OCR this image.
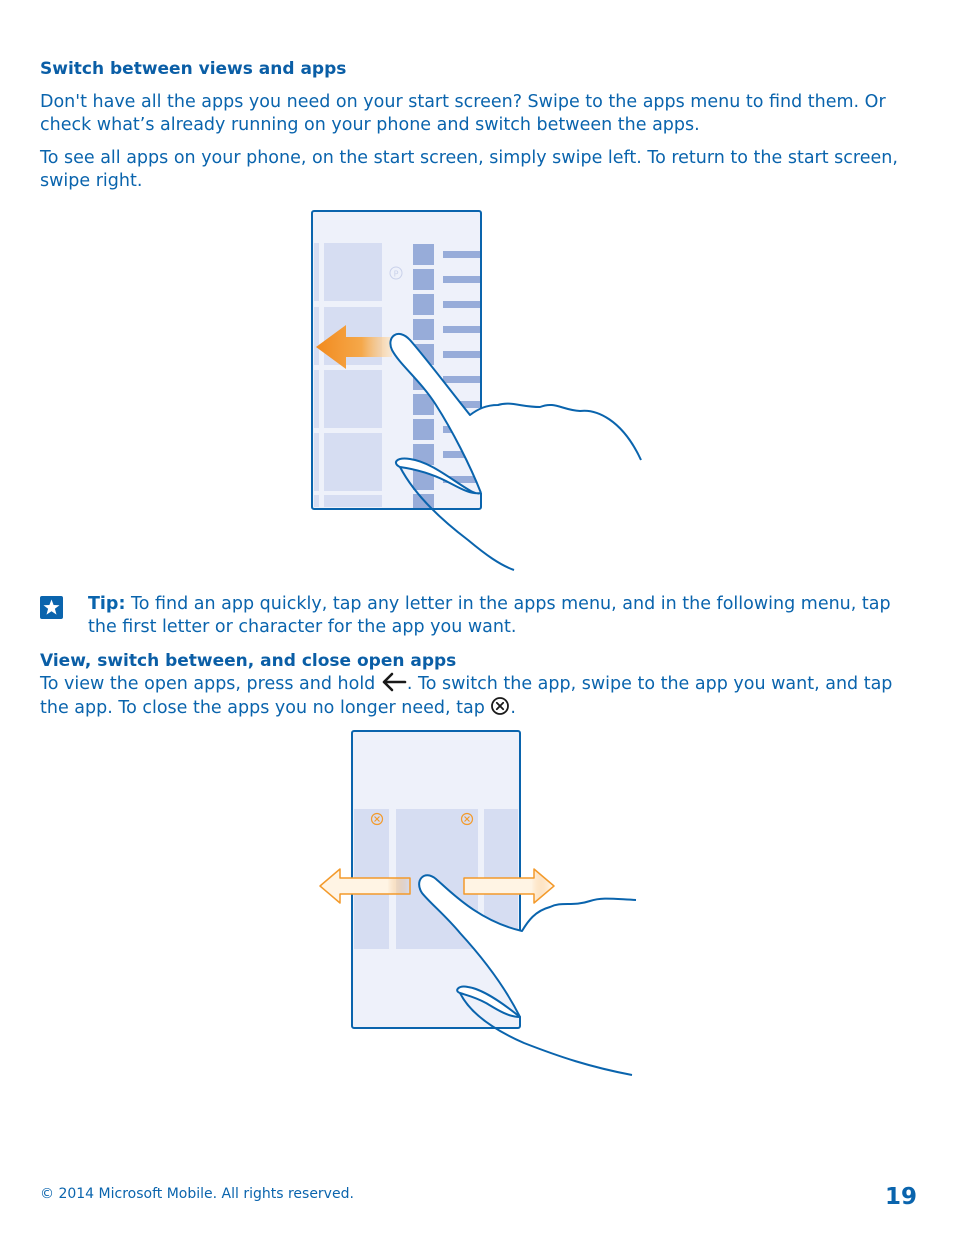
Switch between views and apps

Don't have all the apps you need on your start screen? Swipe to the apps menu to find them. Or check what’s already running on your phone and switch between the apps.

To see all apps on your phone, on the start screen, simply swipe left. To return to the start screen, swipe right.

P

Tip: To find an app quickly, tap any letter in the apps menu, and in the following menu, tap the first letter or character for the app you want.

View, switch between, and close open apps

To view the open apps, press and hold . To switch the app, swipe to the app you want, and tap the app. To close the apps you no longer need, tap .

© 2014 Microsoft Mobile. All rights reserved.	19
